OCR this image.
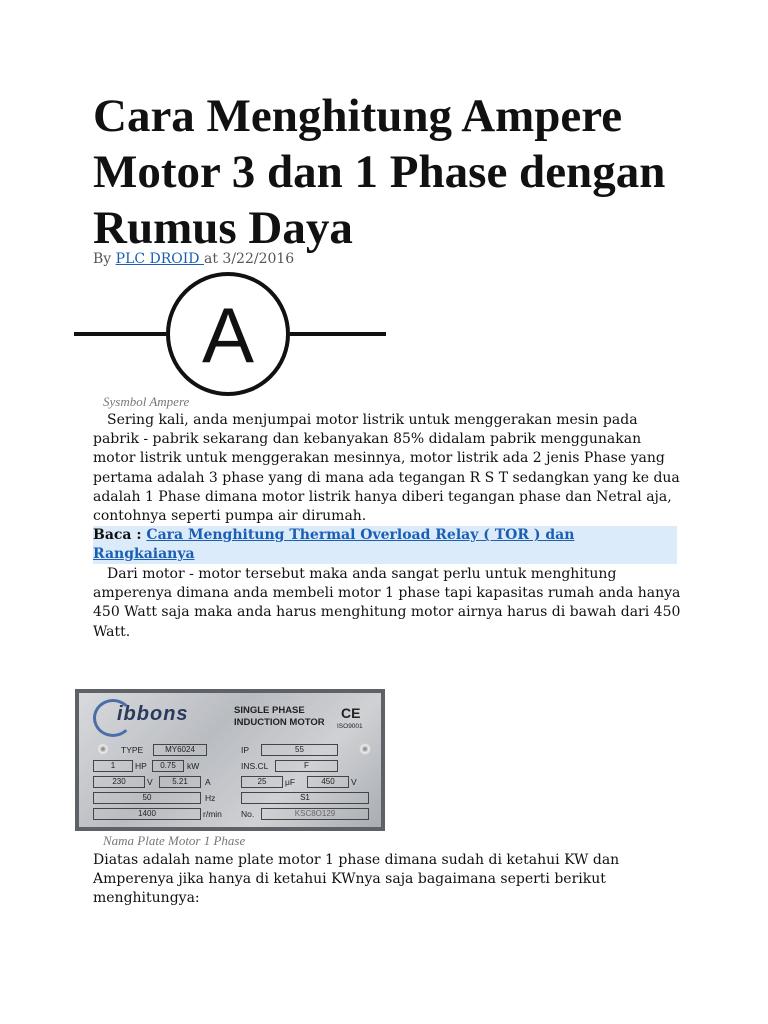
Cara Menghitung Ampere Motor 3 dan 1 Phase dengan Rumus Daya
By PLC DROID at 3/22/2016
A
Sysmbol Ampere

Sering kali, anda menjumpai motor listrik untuk menggerakan mesin pada pabrik - pabrik sekarang dan kebanyakan 85% didalam pabrik menggunakan motor listrik untuk menggerakan mesinnya, motor listrik ada 2 jenis Phase yang pertama adalah 3 phase yang di mana ada tegangan R S T sedangkan yang ke dua adalah 1 Phase dimana motor listrik hanya diberi tegangan phase dan Netral aja, contohnya seperti pumpa air dirumah.

Baca : Cara Menghitung Thermal Overload Relay ( TOR ) dan Rangkaianya

Dari motor - motor tersebut maka anda sangat perlu untuk menghitung amperenya dimana anda membeli motor 1 phase tapi kapasitas rumah anda hanya 450 Watt saja maka anda harus menghitung motor airnya harus di bawah dari 450 Watt.

ibbons	SINGLE PHASE
INDUCTION MOTOR
CE
ISO9001
TYPE	MY6024	IP	55
1	HP	0.75	kW	INS.CL	F
230	V	5.21	A	25	μF	450	V
50	Hz	S1
1400	r/min No.	KSC8O129
Nama Plate Motor 1 Phase

Diatas adalah name plate motor 1 phase dimana sudah di ketahui KW dan Amperenya jika hanya di ketahui KWnya saja bagaimana seperti berikut menghitungya:
